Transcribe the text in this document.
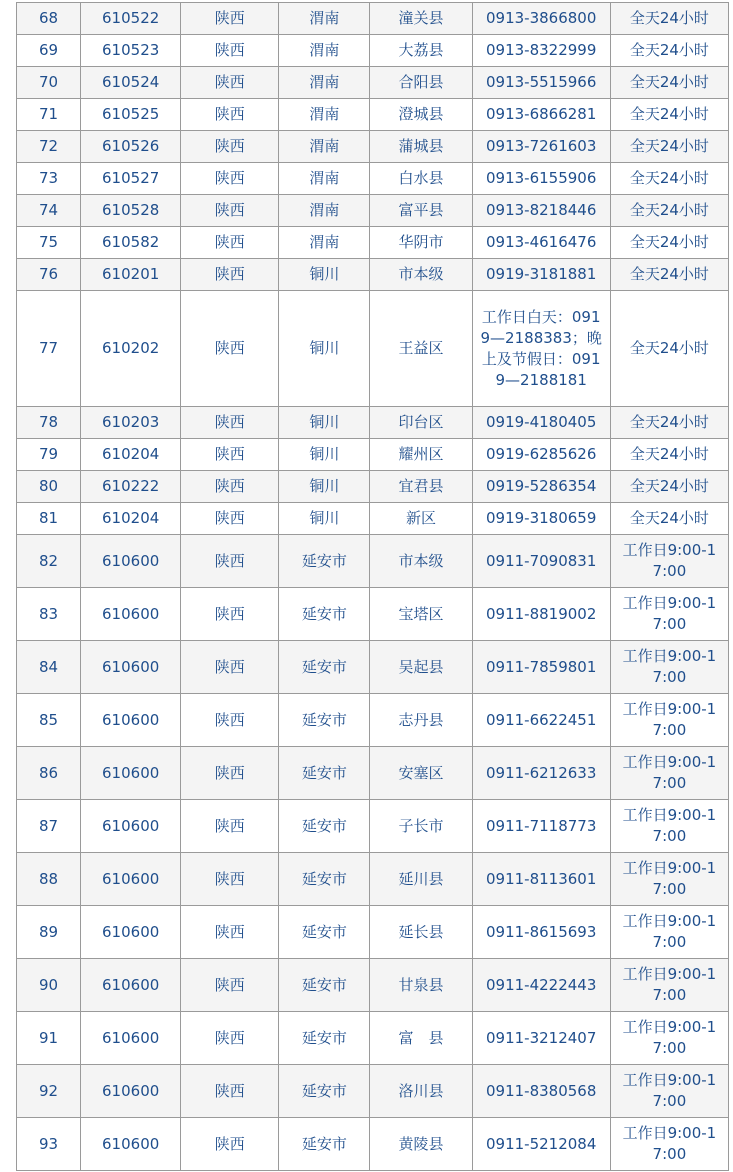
68	610522	陕西	渭南	潼关县	0913-3866800	全天24小时
69	610523	陕西	渭南	大荔县	0913-8322999	全天24小时
70	610524	陕西	渭南	合阳县	0913-5515966	全天24小时
71	610525	陕西	渭南	澄城县	0913-6866281	全天24小时
72	610526	陕西	渭南	蒲城县	0913-7261603	全天24小时
73	610527	陕西	渭南	白水县	0913-6155906	全天24小时
74	610528	陕西	渭南	富平县	0913-8218446	全天24小时
75	610582	陕西	渭南	华阴市	0913-4616476	全天24小时
76	610201	陕西	铜川	市本级	0919-3181881	全天24小时
77	610202	陕西	铜川	王益区	工作日白天：0919—2188383；晚上及节假日：0919—2188181	全天24小时
78	610203	陕西	铜川	印台区	0919-4180405	全天24小时
79	610204	陕西	铜川	耀州区	0919-6285626	全天24小时
80	610222	陕西	铜川	宜君县	0919-5286354	全天24小时
81	610204	陕西	铜川	新区	0919-3180659	全天24小时
82	610600	陕西	延安市	市本级	0911-7090831	工作日9:00-17:00
83	610600	陕西	延安市	宝塔区	0911-8819002	工作日9:00-17:00
84	610600	陕西	延安市	吴起县	0911-7859801	工作日9:00-17:00
85	610600	陕西	延安市	志丹县	0911-6622451	工作日9:00-17:00
86	610600	陕西	延安市	安塞区	0911-6212633	工作日9:00-17:00
87	610600	陕西	延安市	子长市	0911-7118773	工作日9:00-17:00
88	610600	陕西	延安市	延川县	0911-8113601	工作日9:00-17:00
89	610600	陕西	延安市	延长县	0911-8615693	工作日9:00-17:00
90	610600	陕西	延安市	甘泉县	0911-4222443	工作日9:00-17:00
91	610600	陕西	延安市	富　县	0911-3212407	工作日9:00-17:00
92	610600	陕西	延安市	洛川县	0911-8380568	工作日9:00-17:00
93	610600	陕西	延安市	黄陵县	0911-5212084	工作日9:00-17:00
